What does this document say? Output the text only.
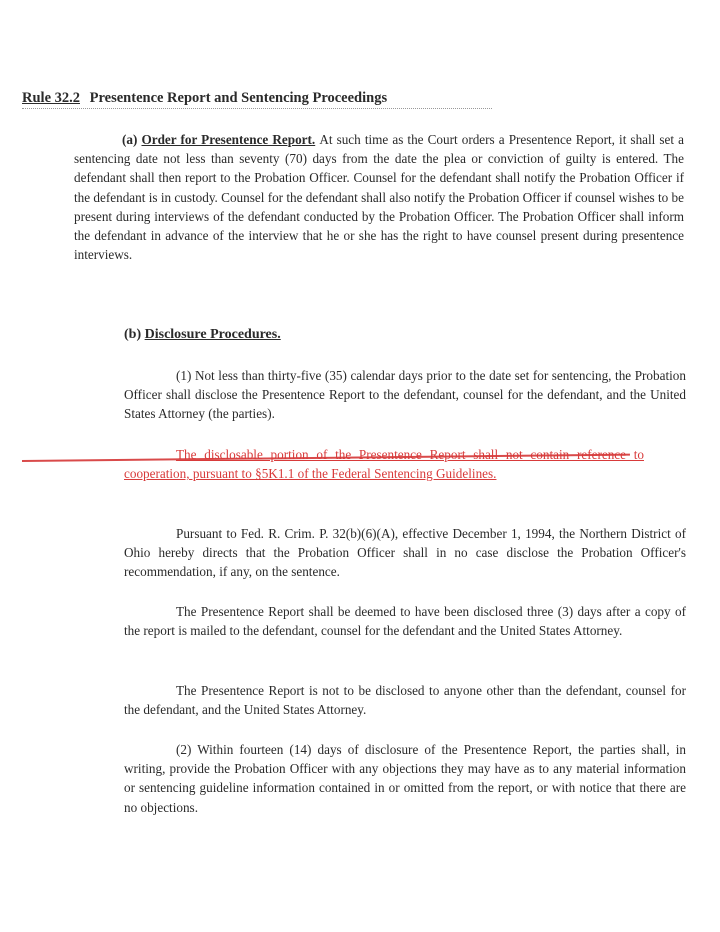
Rule 32.2 Presentence Report and Sentencing Proceedings

(a) Order for Presentence Report. At such time as the Court orders a Presentence Report, it shall set a sentencing date not less than seventy (70) days from the date the plea or conviction of guilty is entered. The defendant shall then report to the Probation Officer. Counsel for the defendant shall notify the Probation Officer if the defendant is in custody. Counsel for the defendant shall also notify the Probation Officer if counsel wishes to be present during interviews of the defendant conducted by the Probation Officer. The Probation Officer shall inform the defendant in advance of the interview that he or she has the right to have counsel present during presentence interviews.

(b) Disclosure Procedures.

(1) Not less than thirty-five (35) calendar days prior to the date set for sentencing, the Probation Officer shall disclose the Presentence Report to the defendant, counsel for the defendant, and the United States Attorney (the parties).

The disclosable portion of the Presentence Report shall not contain reference to cooperation, pursuant to §5K1.1 of the Federal Sentencing Guidelines.

Pursuant to Fed. R. Crim. P. 32(b)(6)(A), effective December 1, 1994, the Northern District of Ohio hereby directs that the Probation Officer shall in no case disclose the Probation Officer's recommendation, if any, on the sentence.

The Presentence Report shall be deemed to have been disclosed three (3) days after a copy of the report is mailed to the defendant, counsel for the defendant and the United States Attorney.

The Presentence Report is not to be disclosed to anyone other than the defendant, counsel for the defendant, and the United States Attorney.

(2) Within fourteen (14) days of disclosure of the Presentence Report, the parties shall, in writing, provide the Probation Officer with any objections they may have as to any material information or sentencing guideline information contained in or omitted from the report, or with notice that there are no objections.
